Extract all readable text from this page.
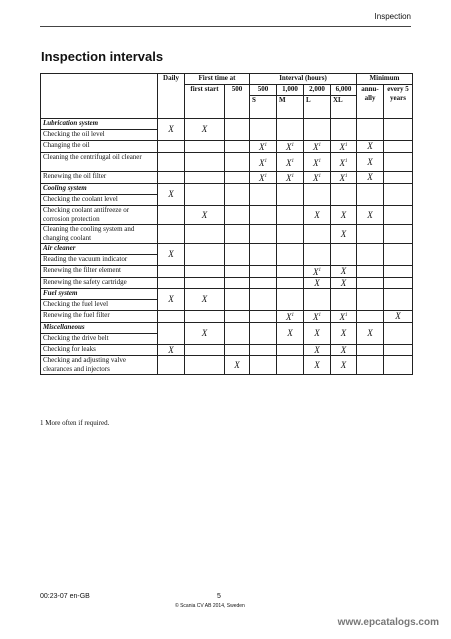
Inspection
Inspection intervals
	Daily	First time at		Interval (hours)				Minimum		
		first start	500	500	1,000	2,000	6,000	annu- ally	every 5 years	
				S	M	L	XL			
Lubrication system	X	X								
Checking the oil level										
Changing the oil				$X^1$	$X^1$	$X^1$	$X^1$	X		
Cleaning the centrifugal oil cleaner				$X^1$	$X^1$	$X^1$	$X^1$	X		
Renewing the oil filter				$X^1$	$X^1$	$X^1$	$X^1$	X		
Cooling system	X									
Checking the coolant level										
Checking coolant antifreeze or corrosion protection		X				X	X	X		
Cleaning the cooling system and changing coolant							X			
Air cleaner	X									
Reading the vacuum indicator										
Renewing the filter element						$X^1$	X			
Renewing the safety cartridge						X	X			
Fuel system	X	X								
Checking the fuel level										
Renewing the fuel filter					$X^1$	$X^1$	$X^1$		X	
Miscellaneous		X			X	X	X	X		
Checking the drive belt										
Checking for leaks	X					X	X			
Checking and adjusting valve clearances and injectors			X			X	X			
1 More often if required.
00:23-07 en-GB	5
© Scania CV AB 2014, Sweden
www.epcatalogs.com
